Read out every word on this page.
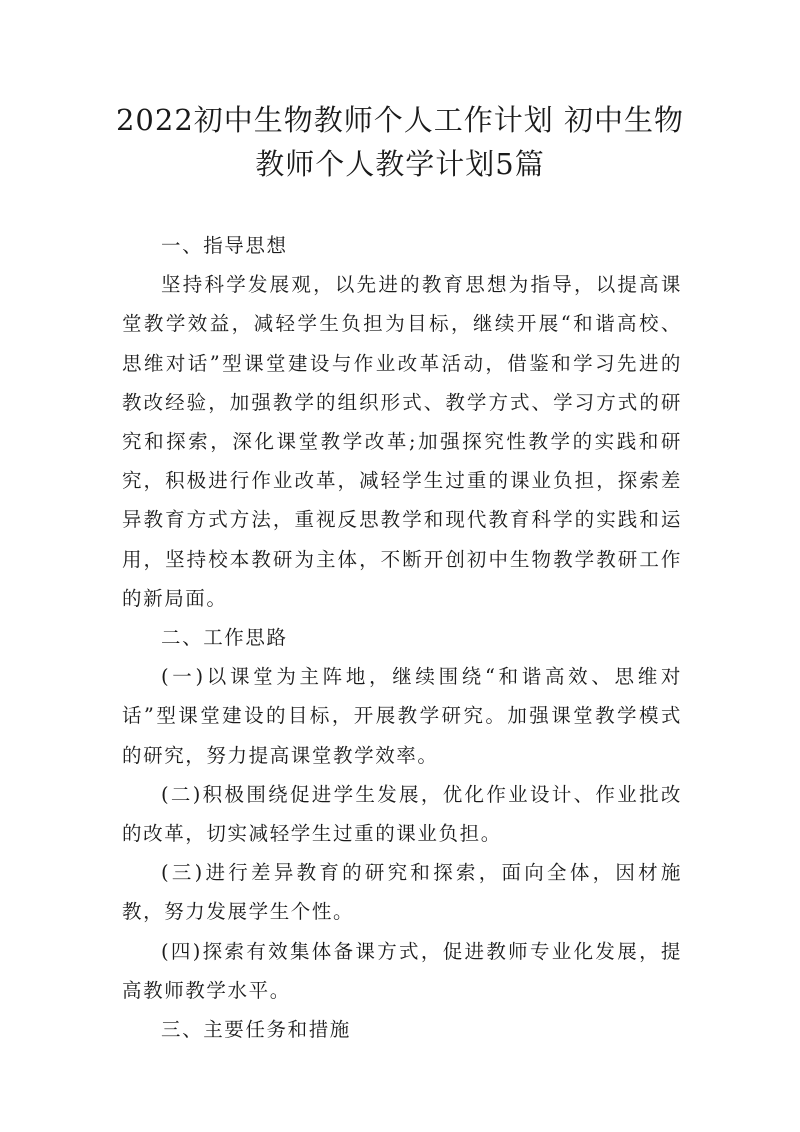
2022初中生物教师个人工作计划 初中生物
教师个人教学计划5篇

一、指导思想

坚持科学发展观，以先进的教育思想为指导，以提高课堂教学效益，减轻学生负担为目标，继续开展“和谐高校、思维对话”型课堂建设与作业改革活动，借鉴和学习先进的教改经验，加强教学的组织形式、教学方式、学习方式的研究和探索，深化课堂教学改革;加强探究性教学的实践和研究，积极进行作业改革，减轻学生过重的课业负担，探索差异教育方式方法，重视反思教学和现代教育科学的实践和运用，坚持校本教研为主体，不断开创初中生物教学教研工作的新局面。

二、工作思路

(一)以课堂为主阵地，继续围绕“和谐高效、思维对话”型课堂建设的目标，开展教学研究。加强课堂教学模式的研究，努力提高课堂教学效率。

(二)积极围绕促进学生发展，优化作业设计、作业批改的改革，切实减轻学生过重的课业负担。

(三)进行差异教育的研究和探索，面向全体，因材施教，努力发展学生个性。

(四)探索有效集体备课方式，促进教师专业化发展，提高教师教学水平。

三、主要任务和措施
